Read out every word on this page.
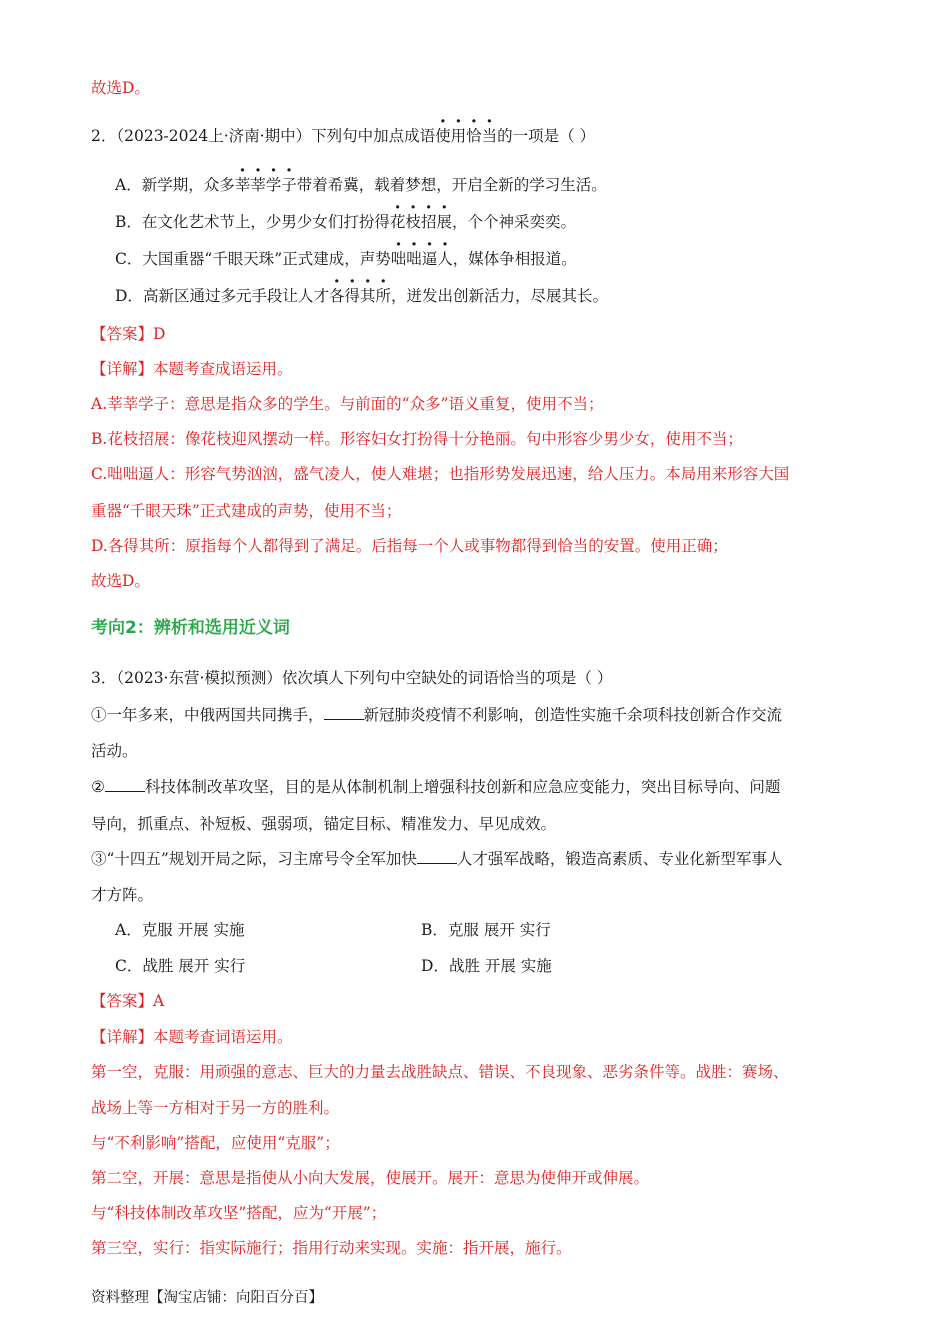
故选D。
2．（2023-2024上·济南·期中）下列句中加点成语使用恰当的一项是（ ）
A．新学期，众多莘莘学子带着希冀，载着梦想，开启全新的学习生活。
B．在文化艺术节上，少男少女们打扮得花枝招展，个个神采奕奕。
C．大国重器“千眼天珠”正式建成，声势咄咄逼人，媒体争相报道。
D．高新区通过多元手段让人才各得其所，迸发出创新活力，尽展其长。
【答案】D
【详解】本题考查成语运用。
A.莘莘学子：意思是指众多的学生。与前面的“众多”语义重复，使用不当；
B.花枝招展：像花枝迎风摆动一样。形容妇女打扮得十分艳丽。句中形容少男少女，使用不当；
C.咄咄逼人：形容气势汹汹，盛气凌人，使人难堪；也指形势发展迅速，给人压力。本局用来形容大国
重器“千眼天珠”正式建成的声势，使用不当；
D.各得其所：原指每个人都得到了满足。后指每一个人或事物都得到恰当的安置。使用正确；
故选D。
考向2：辨析和选用近义词
3．（2023·东营·模拟预测）依次填人下列句中空缺处的词语恰当的项是（ ）
①一年多来，中俄两国共同携手，	新冠肺炎疫情不利影响，创造性实施千余项科技创新合作交流
活动。
②	科技体制改革攻坚，目的是从体制机制上增强科技创新和应急应变能力，突出目标导向、问题
导向，抓重点、补短板、强弱项，锚定目标、精准发力、早见成效。
③“十四五”规划开局之际，习主席号令全军加快	人才强军战略，锻造高素质、专业化新型军事人
才方阵。
A．克服 开展 实施	B．克服 展开 实行
C．战胜 展开 实行	D．战胜 开展 实施
【答案】A
【详解】本题考查词语运用。
第一空，克服：用顽强的意志、巨大的力量去战胜缺点、错误、不良现象、恶劣条件等。战胜：赛场、
战场上等一方相对于另一方的胜利。
与“不利影响”搭配，应使用“克服”；
第二空，开展：意思是指使从小向大发展，使展开。展开：意思为使伸开或伸展。
与“科技体制改革攻坚”搭配，应为“开展”；
第三空，实行：指实际施行；指用行动来实现。实施：指开展，施行。
资料整理【淘宝店铺：向阳百分百】
